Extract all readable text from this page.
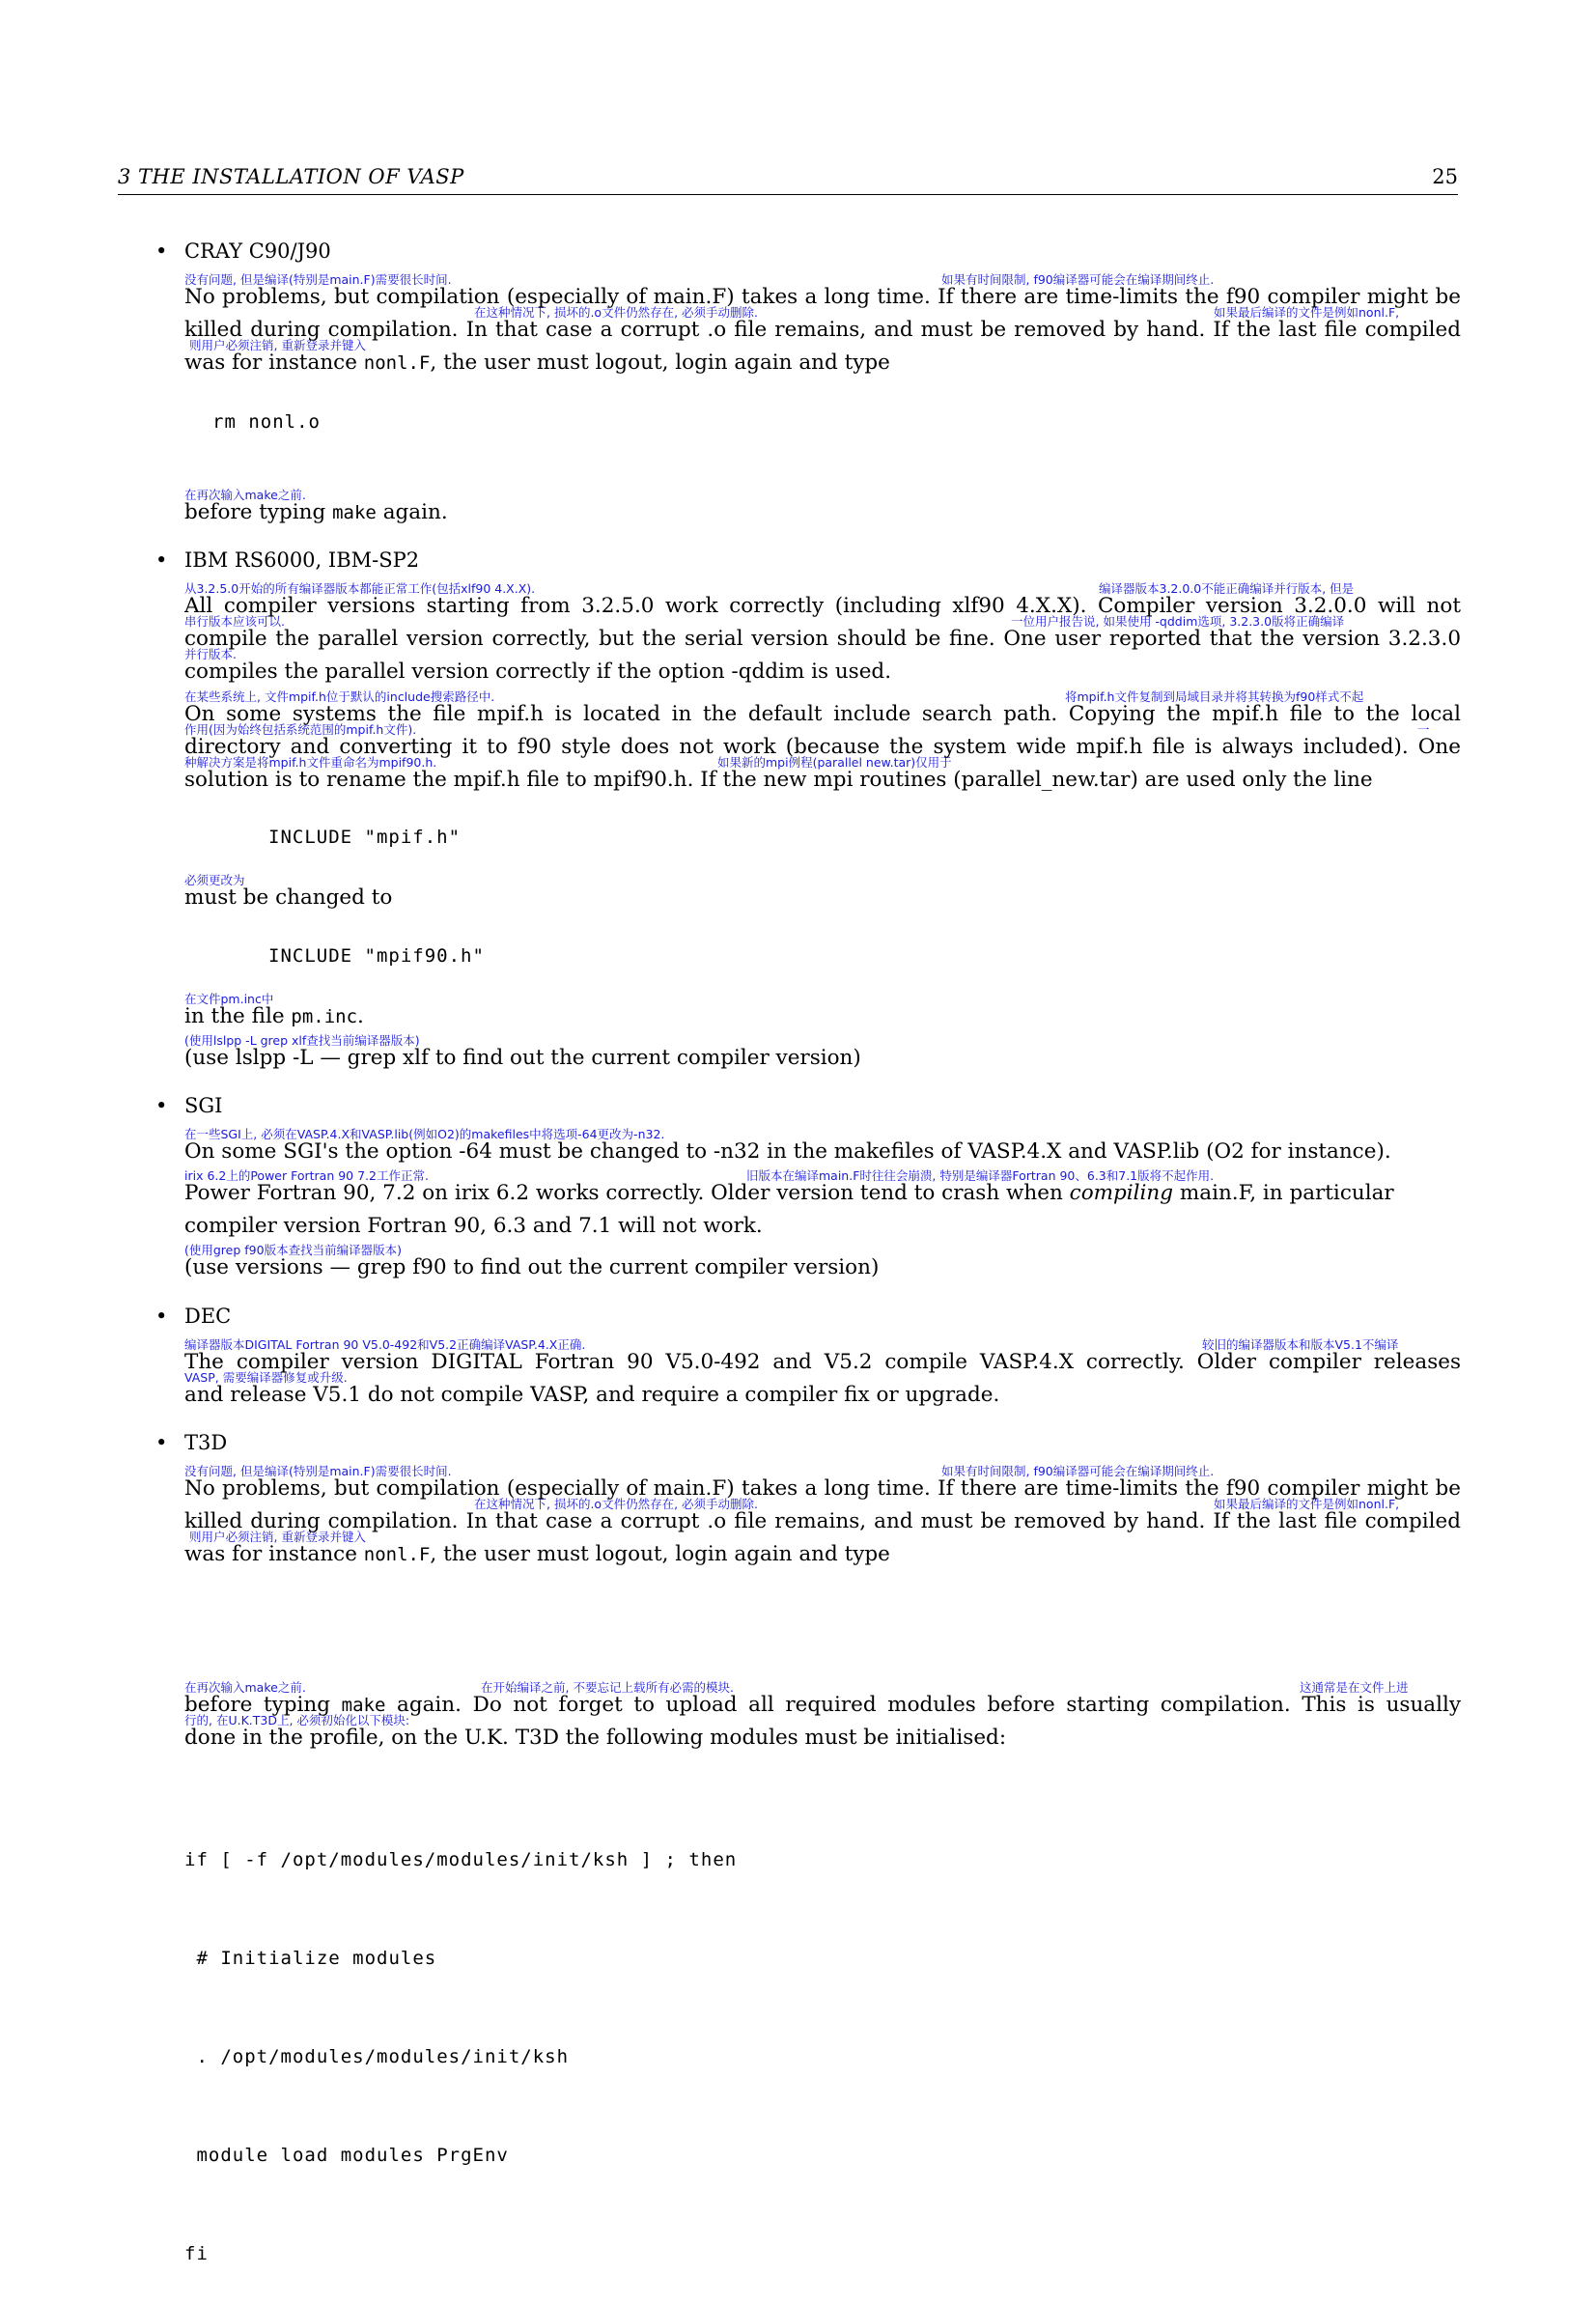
3 THE INSTALLATION OF VASP	25
• CRAY C90/J90
没有问题, 但是编译(特别是main.F)需要很长时间.	如果有时间限制, f90编译器可能会在编译期间终止.
在这种情况下, 损坏的.o文件仍然存在, 必须手动删除.	如果最后编译的文件是例如nonl.F,
则用户必须注销, 重新登录并键入
No problems, but compilation (especially of main.F) takes a long time. If there are time-limits the f90 compiler might be
killed during compilation. In that case a corrupt .o file remains, and must be removed by hand. If the last file compiled
was for instance nonl.F, the user must logout, login again and type
rm nonl.o
在再次输入make之前.
before typing make again.
• IBM RS6000, IBM-SP2
从3.2.5.0开始的所有编译器版本都能正常工作(包括xlf90 4.X.X).	编译器版本3.2.0.0不能正确编译并行版本, 但是
串行版本应该可以.	一位用户报告说, 如果使用 -qddim选项, 3.2.3.0版将正确编译
并行版本.
All compiler versions starting from 3.2.5.0 work correctly (including xlf90 4.X.X). Compiler version 3.2.0.0 will not
compile the parallel version correctly, but the serial version should be fine. One user reported that the version 3.2.3.0
compiles the parallel version correctly if the option -qddim is used.
在某些系统上, 文件mpif.h位于默认的include搜索路径中.	将mpif.h文件复制到局域目录并将其转换为f90样式不起
作用(因为始终包括系统范围的mpif.h文件).	一
种解决方案是将mpif.h文件重命名为mpif90.h.	如果新的mpi例程(parallel new.tar)仅用于
On some systems the file mpif.h is located in the default include search path. Copying the mpif.h file to the local
directory and converting it to f90 style does not work (because the system wide mpif.h file is always included). One
solution is to rename the mpif.h file to mpif90.h. If the new mpi routines (parallel_new.tar) are used only the line
INCLUDE "mpif.h"
必须更改为
must be changed to
INCLUDE "mpif90.h"
在文件pm.inc中
in the file pm.inc.
(使用lslpp -L grep xlf查找当前编译器版本)
(use lslpp -L — grep xlf to find out the current compiler version)
• SGI
在一些SGI上, 必须在VASP.4.X和VASP.lib(例如O2)的makefiles中将选项-64更改为-n32.
On some SGI's the option -64 must be changed to -n32 in the makefiles of VASP.4.X and VASP.lib (O2 for instance).
irix 6.2上的Power Fortran 90 7.2工作正常.	旧版本在编译main.F时往往会崩溃, 特别是编译器Fortran 90、6.3和7.1版将不起作用.
Power Fortran 90, 7.2 on irix 6.2 works correctly. Older version tend to crash when compiling main.F, in particular
compiler version Fortran 90, 6.3 and 7.1 will not work.
(使用grep f90版本查找当前编译器版本)
(use versions — grep f90 to find out the current compiler version)
• DEC
编译器版本DIGITAL Fortran 90 V5.0-492和V5.2正确编译VASP.4.X正确.	较旧的编译器版本和版本V5.1不编译
VASP, 需要编译器修复或升级.
The compiler version DIGITAL Fortran 90 V5.0-492 and V5.2 compile VASP.4.X correctly. Older compiler releases
and release V5.1 do not compile VASP, and require a compiler fix or upgrade.
• T3D
没有问题, 但是编译(特别是main.F)需要很长时间.	如果有时间限制, f90编译器可能会在编译期间终止.
在这种情况下, 损坏的.o文件仍然存在, 必须手动删除.	如果最后编译的文件是例如nonl.F,
则用户必须注销, 重新登录并键入
No problems, but compilation (especially of main.F) takes a long time. If there are time-limits the f90 compiler might be
killed during compilation. In that case a corrupt .o file remains, and must be removed by hand. If the last file compiled
was for instance nonl.F, the user must logout, login again and type
在再次输入make之前.	在开始编译之前, 不要忘记上载所有必需的模块.	这通常是在文件上进
行的, 在U.K.T3D上, 必须初始化以下模块:
before typing make again. Do not forget to upload all required modules before starting compilation. This is usually
done in the profile, on the U.K. T3D the following modules must be initialised:

if [ -f /opt/modules/modules/init/ksh ] ; then

# Initialize modules

. /opt/modules/modules/init/ksh

module load modules PrgEnv

fi
